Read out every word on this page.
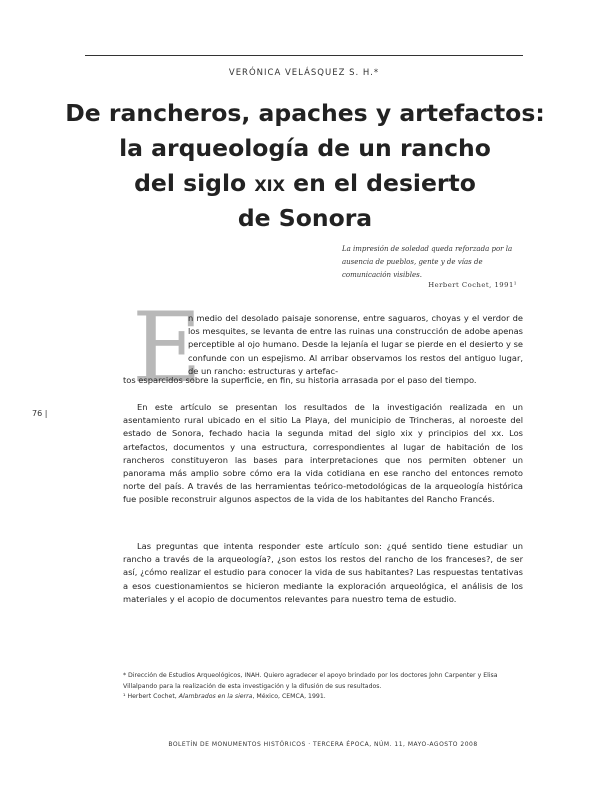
VERÓNICA VELÁSQUEZ S. H.*
De rancheros, apaches y artefactos:
la arqueología de un rancho
del siglo xix en el desierto
de Sonora
La impresión de soledad queda reforzada por la ausencia de pueblos, gente y de vías de comunicación visibles.
Herbert Cochet, 1991¹
E
n medio del desolado paisaje sonorense, entre saguaros, choyas y el verdor de los mesquites, se levanta de entre las ruinas una construcción de adobe apenas perceptible al ojo humano. Desde la lejanía el lugar se pierde en el desierto y se confunde con un espejismo. Al arribar observamos los restos del antiguo lugar, de un rancho: estructuras y artefac-
tos esparcidos sobre la superficie, en fin, su historia arrasada por el paso del tiempo.
En este artículo se presentan los resultados de la investigación realizada en un asentamiento rural ubicado en el sitio La Playa, del municipio de Trincheras, al noroeste del estado de Sonora, fechado hacia la segunda mitad del siglo xix y principios del xx. Los artefactos, documentos y una estructura, correspondientes al lugar de habitación de los rancheros constituyeron las bases para interpretaciones que nos permiten obtener un panorama más amplio sobre cómo era la vida cotidiana en ese rancho del entonces remoto norte del país. A través de las herramientas teórico-metodológicas de la arqueología histórica fue posible reconstruir algunos aspectos de la vida de los habitantes del Rancho Francés.
Las preguntas que intenta responder este artículo son: ¿qué sentido tiene estudiar un rancho a través de la arqueología?, ¿son estos los restos del rancho de los franceses?, de ser así, ¿cómo realizar el estudio para conocer la vida de sus habitantes? Las respuestas tentativas a esos cuestionamientos se hicieron mediante la exploración arqueológica, el análisis de los materiales y el acopio de documentos relevantes para nuestro tema de estudio.
76 |
* Dirección de Estudios Arqueológicos, INAH. Quiero agradecer el apoyo brindado por los doctores John Carpenter y Elisa Villalpando para la realización de esta investigación y la difusión de sus resultados.
¹ Herbert Cochet, Alambrados en la sierra, México, CEMCA, 1991.
BOLETÍN DE MONUMENTOS HISTÓRICOS · TERCERA ÉPOCA, NÚM. 11, MAYO-AGOSTO 2008
